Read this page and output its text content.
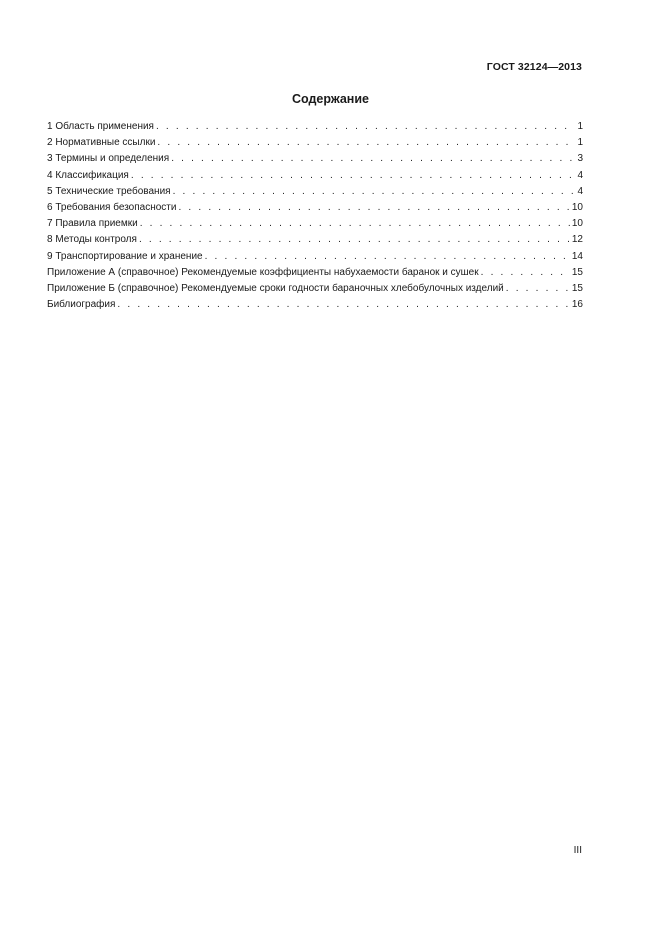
ГОСТ 32124—2013
Содержание
1 Область применения . . .	1
2 Нормативные ссылки . . .	1
3 Термины и определения . . .	3
4 Классификация . . .	4
5 Технические требования . . .	4
6 Требования безопасности . . .	10
7 Правила приемки . . .	10
8 Методы контроля . . .	12
9 Транспортирование и хранение . . .	14
Приложение А (справочное) Рекомендуемые коэффициенты набухаемости баранок и сушек . . .	15
Приложение Б (справочное) Рекомендуемые сроки годности бараночных хлебобулочных изделий . . .	15
Библиография . . .	16
III
